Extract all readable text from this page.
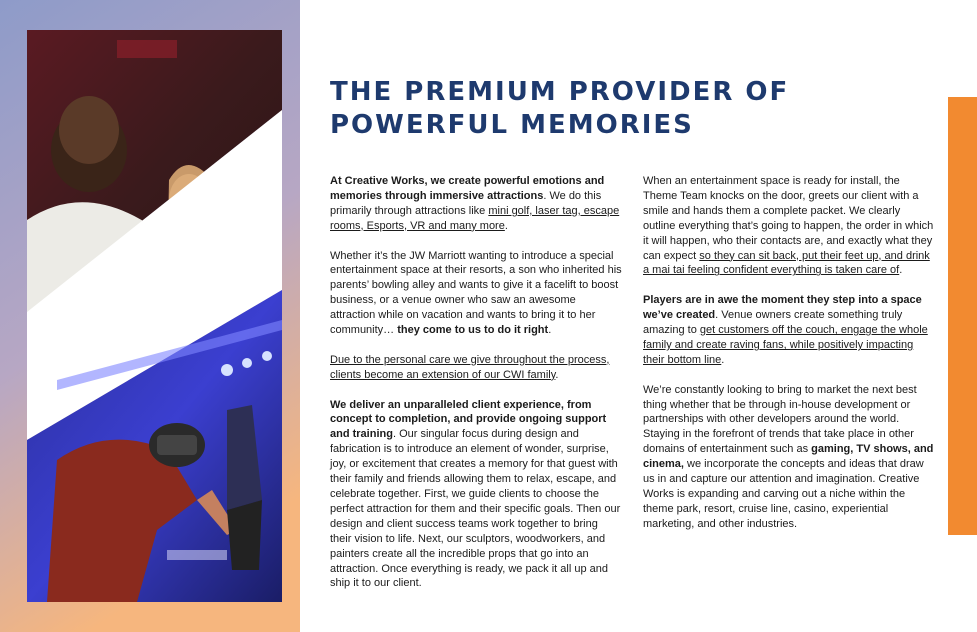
THE PREMIUM PROVIDER OF POWERFUL MEMORIES

At Creative Works, we create powerful emotions and memories through immersive attractions. We do this primarily through attractions like mini golf, laser tag, escape rooms, Esports, VR and many more.

Whether it’s the JW Marriott wanting to introduce a special entertainment space at their resorts, a son who inherited his parents’ bowling alley and wants to give it a facelift to boost business, or a venue owner who saw an awesome attraction while on vacation and wants to bring it to her community… they come to us to do it right.

Due to the personal care we give throughout the process, clients become an extension of our CWI family.

We deliver an unparalleled client experience, from concept to completion, and provide ongoing support and training. Our singular focus during design and fabrication is to introduce an element of wonder, surprise, joy, or excitement that creates a memory for that guest with their family and friends allowing them to relax, escape, and celebrate together. First, we guide clients to choose the perfect attraction for them and their specific goals. Then our design and client success teams work together to bring their vision to life. Next, our sculptors, woodworkers, and painters create all the incredible props that go into an attraction. Once everything is ready, we pack it all up and ship it to our client.

When an entertainment space is ready for install, the Theme Team knocks on the door, greets our client with a smile and hands them a complete packet. We clearly outline everything that’s going to happen, the order in which it will happen, who their contacts are, and exactly what they can expect so they can sit back, put their feet up, and drink a mai tai feeling confident everything is taken care of.

Players are in awe the moment they step into a space we’ve created. Venue owners create something truly amazing to get customers off the couch, engage the whole family and create raving fans, while positively impacting their bottom line.

We’re constantly looking to bring to market the next best thing whether that be through in-house development or partnerships with other developers around the world. Staying in the forefront of trends that take place in other domains of entertainment such as gaming, TV shows, and cinema, we incorporate the concepts and ideas that draw us in and capture our attention and imagination. Creative Works is expanding and carving out a niche within the theme park, resort, cruise line, casino, experiential marketing, and other industries.
